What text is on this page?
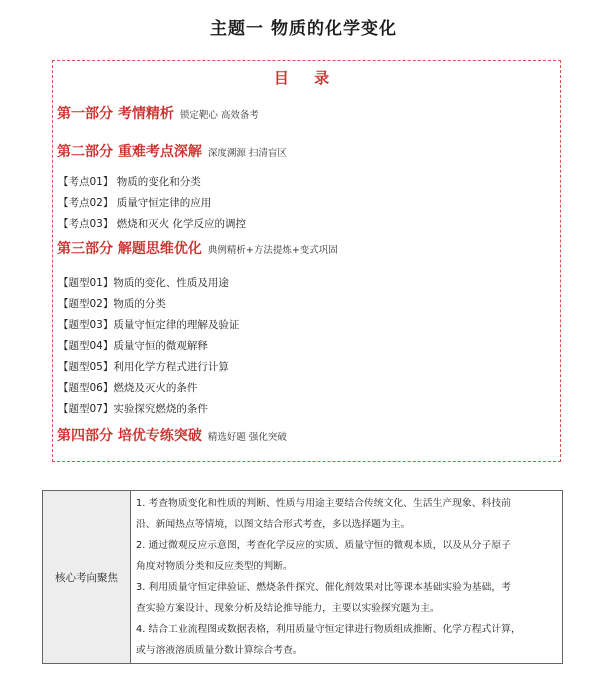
主题一 物质的化学变化
目 录
第一部分 考情精析 锁定靶心 高效备考
第二部分 重难考点深解 深度溯源 扫清盲区
【考点01】 物质的变化和分类
【考点02】 质量守恒定律的应用
【考点03】 燃烧和灭火 化学反应的调控
第三部分 解题思维优化 典例精析+方法提炼+变式巩固
【题型01】物质的变化、性质及用途
【题型02】物质的分类
【题型03】质量守恒定律的理解及验证
【题型04】质量守恒的微观解释
【题型05】利用化学方程式进行计算
【题型06】燃烧及灭火的条件
【题型07】实验探究燃烧的条件
第四部分 培优专练突破 精选好题 强化突破
核心考向聚焦
1. 考查物质变化和性质的判断、性质与用途主要结合传统文化、生活生产现象、科技前
沿、新闻热点等情境，以图文结合形式考查，多以选择题为主。
2. 通过微观反应示意图，考查化学反应的实质、质量守恒的微观本质，以及从分子原子
角度对物质分类和反应类型的判断。
3. 利用质量守恒定律验证、燃烧条件探究、催化剂效果对比等课本基础实验为基础，考
查实验方案设计、现象分析及结论推导能力，主要以实验探究题为主。
4. 结合工业流程图或数据表格，利用质量守恒定律进行物质组成推断、化学方程式计算，
或与溶液溶质质量分数计算综合考查。
